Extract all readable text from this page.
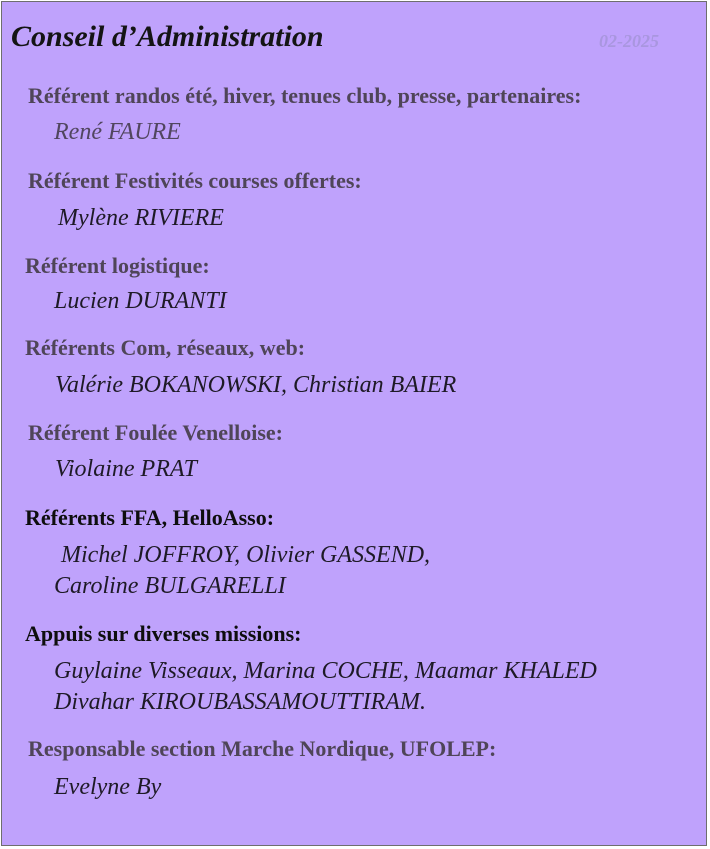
Conseil d’Administration	02-2025
Référent randos été, hiver, tenues club, presse, partenaires:
René FAURE
Référent Festivités courses offertes:
Mylène RIVIERE
Référent logistique:
Lucien DURANTI
Référents Com, réseaux, web:
Valérie BOKANOWSKI, Christian BAIER
Référent Foulée Venelloise:
Violaine PRAT
Référents FFA, HelloAsso:
Michel JOFFROY, Olivier GASSEND,
Caroline BULGARELLI
Appuis sur diverses missions:
Guylaine Visseaux, Marina COCHE, Maamar KHALED
Divahar KIROUBASSAMOUTTIRAM.
Responsable section Marche Nordique, UFOLEP:
Evelyne By
